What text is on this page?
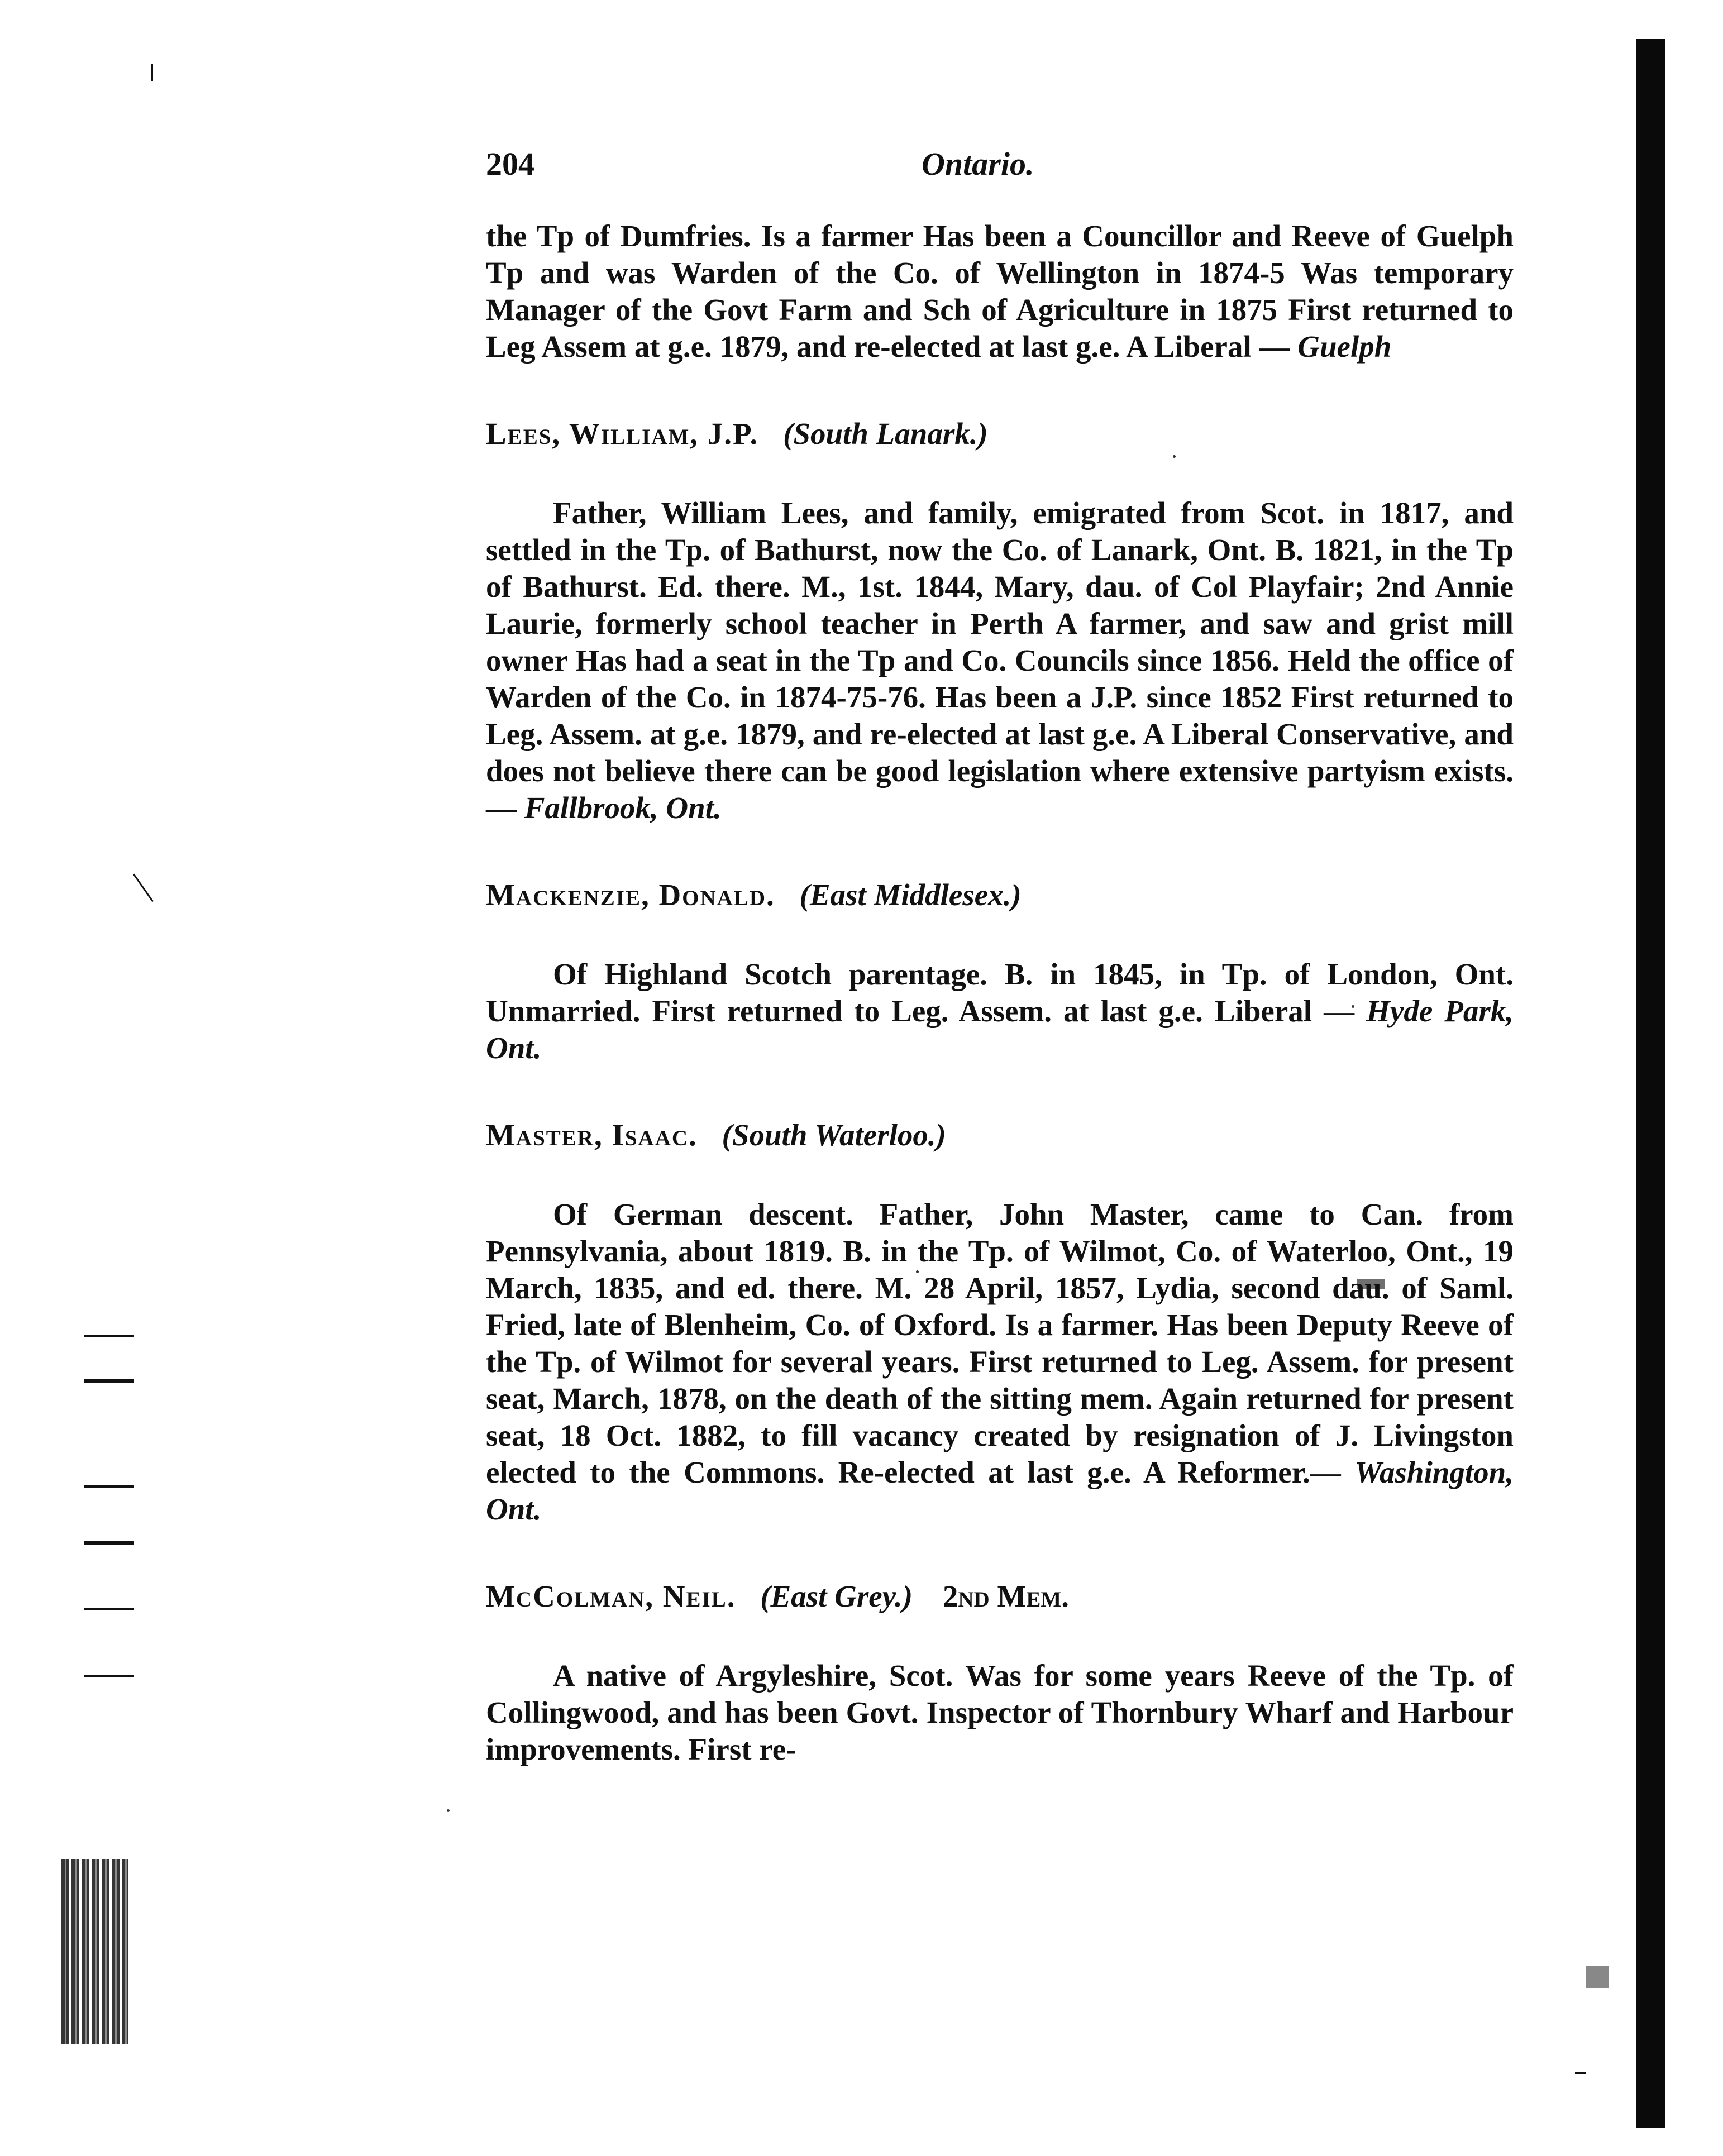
204	Ontario.

the Tp of Dumfries. Is a farmer Has been a Councillor and Reeve of Guelph Tp and was Warden of the Co. of Wellington in 1874-5 Was temporary Manager of the Govt Farm and Sch of Agriculture in 1875 First returned to Leg Assem at g.e. 1879, and re-elected at last g.e. A Liberal — Guelph

Lees, William, J.P. (South Lanark.)

Father, William Lees, and family, emigrated from Scot. in 1817, and settled in the Tp. of Bathurst, now the Co. of Lanark, Ont. B. 1821, in the Tp of Bathurst. Ed. there. M., 1st. 1844, Mary, dau. of Col Playfair; 2nd Annie Laurie, formerly school teacher in Perth A farmer, and saw and grist mill owner Has had a seat in the Tp and Co. Councils since 1856. Held the office of Warden of the Co. in 1874-75-76. Has been a J.P. since 1852 First returned to Leg. Assem. at g.e. 1879, and re-elected at last g.e. A Liberal Conservative, and does not believe there can be good legislation where extensive partyism exists.— Fallbrook, Ont.

Mackenzie, Donald. (East Middlesex.)

Of Highland Scotch parentage. B. in 1845, in Tp. of London, Ont. Unmarried. First returned to Leg. Assem. at last g.e. Liberal — Hyde Park, Ont.

Master, Isaac. (South Waterloo.)

Of German descent. Father, John Master, came to Can. from Pennsylvania, about 1819. B. in the Tp. of Wilmot, Co. of Waterloo, Ont., 19 March, 1835, and ed. there. M. 28 April, 1857, Lydia, second dau. of Saml. Fried, late of Blenheim, Co. of Oxford. Is a farmer. Has been Deputy Reeve of the Tp. of Wilmot for several years. First returned to Leg. Assem. for present seat, March, 1878, on the death of the sitting mem. Again returned for present seat, 18 Oct. 1882, to fill vacancy created by resignation of J. Livingston elected to the Commons. Re-elected at last g.e. A Reformer.— Washington, Ont.

McColman, Neil. (East Grey.) 2nd Mem.

A native of Argyleshire, Scot. Was for some years Reeve of the Tp. of Collingwood, and has been Govt. Inspector of Thornbury Wharf and Harbour improvements. First re-
